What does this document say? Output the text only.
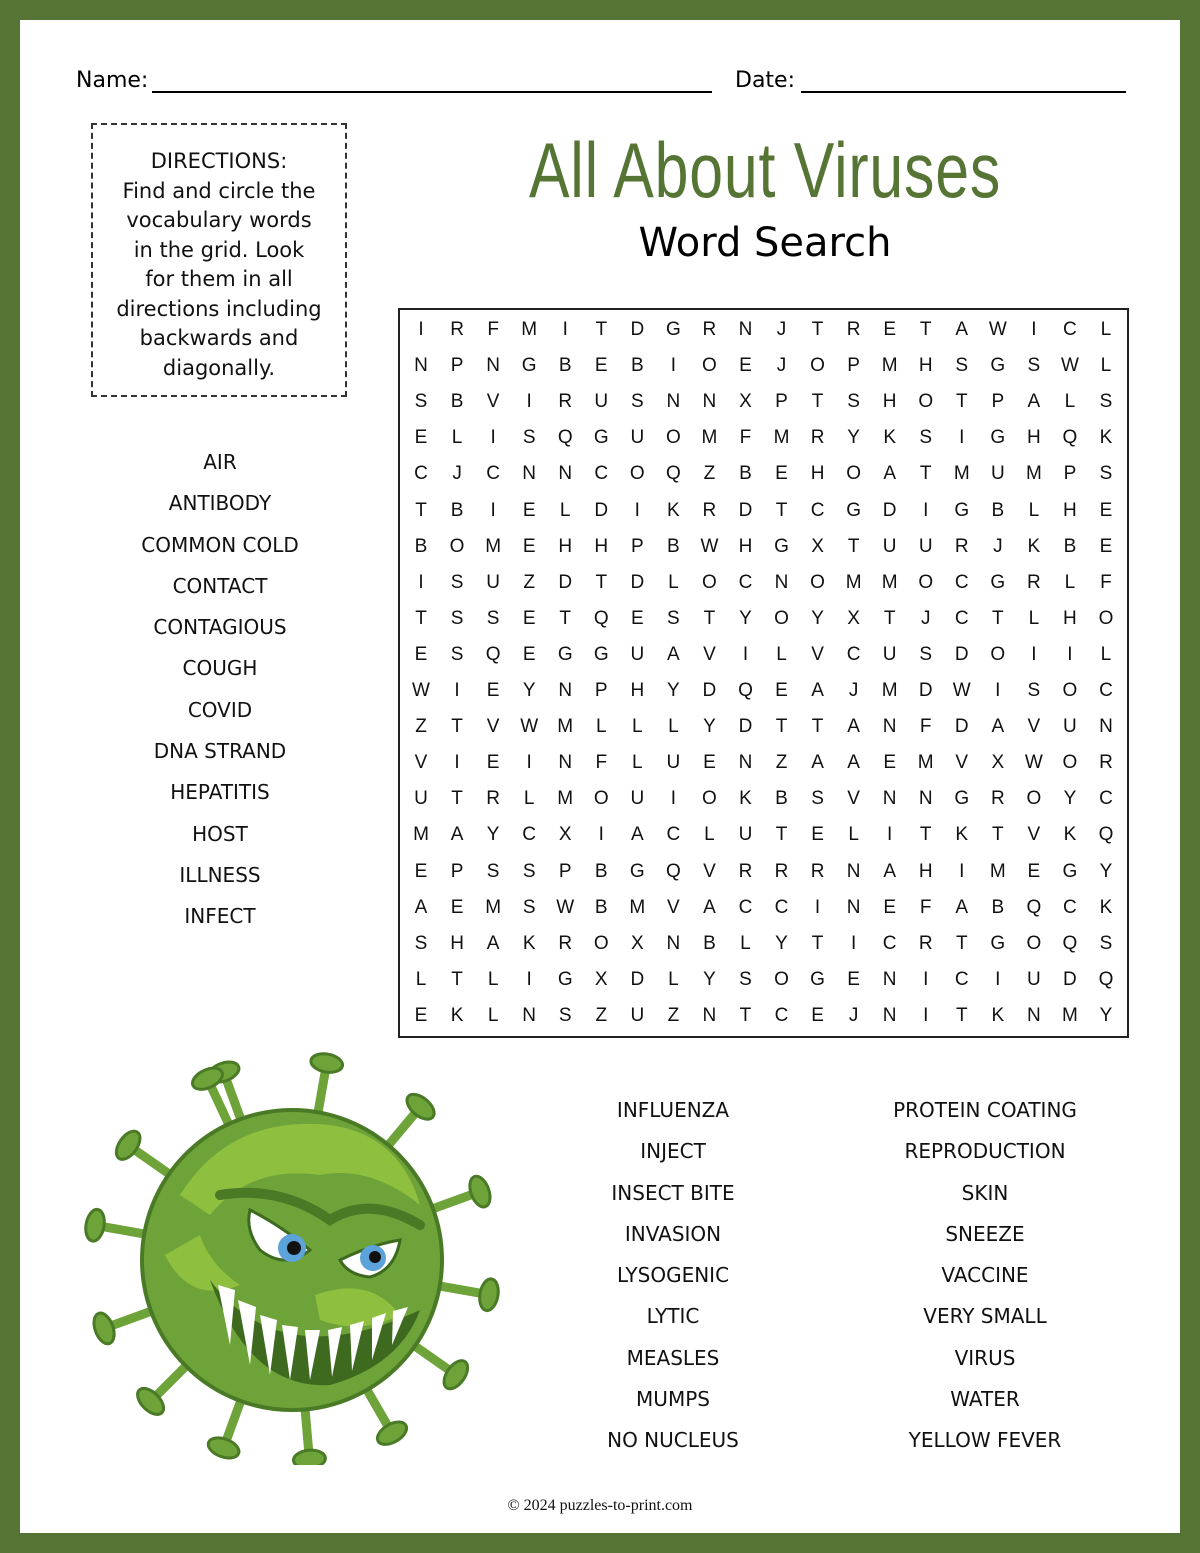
Name:	Date:
DIRECTIONS:
Find and circle the
vocabulary words
in the grid. Look
for them in all
directions including
backwards and
diagonally.
All About Viruses
Word Search
I	R	F	M	I	T	D	G	R	N	J	T	R	E	T	A	W	I	C	L
N	P	N	G	B	E	B	I	O	E	J	O	P	M	H	S	G	S	W	L
S	B	V	I	R	U	S	N	N	X	P	T	S	H	O	T	P	A	L	S
E	L	I	S	Q	G	U	O	M	F	M	R	Y	K	S	I	G	H	Q	K
C	J	C	N	N	C	O	Q	Z	B	E	H	O	A	T	M	U	M	P	S
T	B	I	E	L	D	I	K	R	D	T	C	G	D	I	G	B	L	H	E
B	O	M	E	H	H	P	B	W	H	G	X	T	U	U	R	J	K	B	E
I	S	U	Z	D	T	D	L	O	C	N	O	M	M	O	C	G	R	L	F
T	S	S	E	T	Q	E	S	T	Y	O	Y	X	T	J	C	T	L	H	O
E	S	Q	E	G	G	U	A	V	I	L	V	C	U	S	D	O	I	I	L
W	I	E	Y	N	P	H	Y	D	Q	E	A	J	M	D	W	I	S	O	C
Z	T	V	W	M	L	L	L	Y	D	T	T	A	N	F	D	A	V	U	N
V	I	E	I	N	F	L	U	E	N	Z	A	A	E	M	V	X	W	O	R
U	T	R	L	M	O	U	I	O	K	B	S	V	N	N	G	R	O	Y	C
M	A	Y	C	X	I	A	C	L	U	T	E	L	I	T	K	T	V	K	Q
E	P	S	S	P	B	G	Q	V	R	R	R	N	A	H	I	M	E	G	Y
A	E	M	S	W	B	M	V	A	C	C	I	N	E	F	A	B	Q	C	K
S	H	A	K	R	O	X	N	B	L	Y	T	I	C	R	T	G	O	Q	S
L	T	L	I	G	X	D	L	Y	S	O	G	E	N	I	C	I	U	D	Q
E	K	L	N	S	Z	U	Z	N	T	C	E	J	N	I	T	K	N	M	Y
AIR
ANTIBODY
COMMON COLD
CONTACT
CONTAGIOUS
COUGH
COVID
DNA STRAND
HEPATITIS
HOST
ILLNESS
INFECT
INFLUENZA
INJECT
INSECT BITE
INVASION
LYSOGENIC
LYTIC
MEASLES
MUMPS
NO NUCLEUS
PROTEIN COATING
REPRODUCTION
SKIN
SNEEZE
VACCINE
VERY SMALL
VIRUS
WATER
YELLOW FEVER
© 2024 puzzles-to-print.com
